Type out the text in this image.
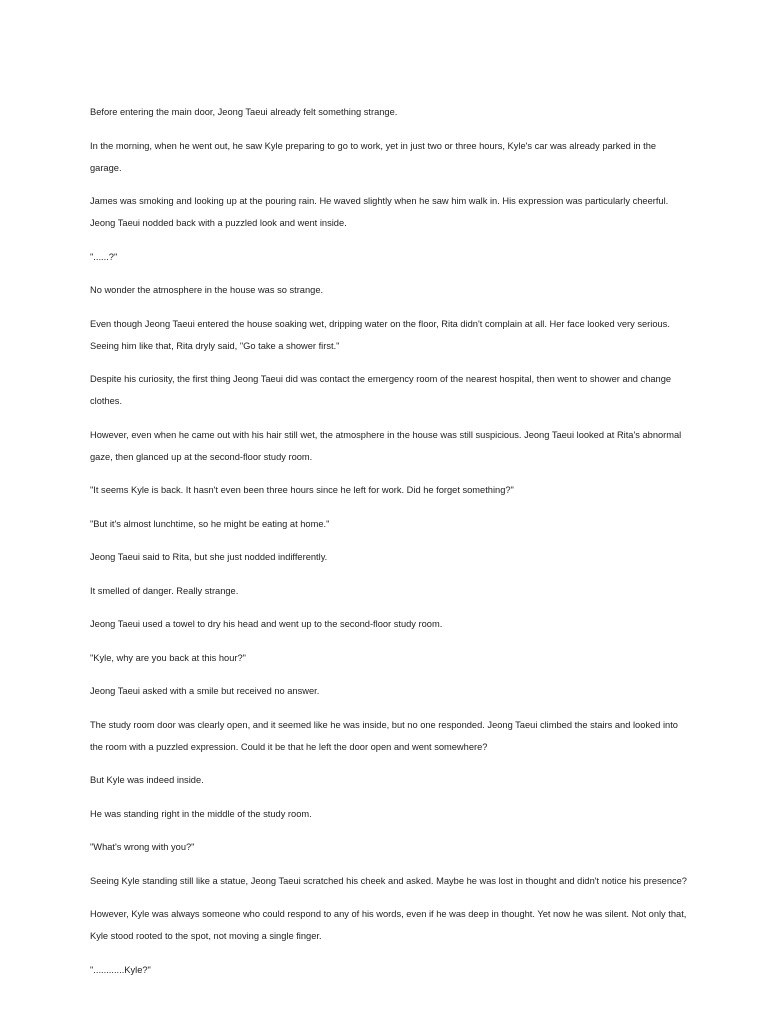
Before entering the main door, Jeong Taeui already felt something strange.

In the morning, when he went out, he saw Kyle preparing to go to work, yet in just two or three hours, Kyle's car was already parked in the garage.

James was smoking and looking up at the pouring rain. He waved slightly when he saw him walk in. His expression was particularly cheerful. Jeong Taeui nodded back with a puzzled look and went inside.

"......?"

No wonder the atmosphere in the house was so strange.

Even though Jeong Taeui entered the house soaking wet, dripping water on the floor, Rita didn't complain at all. Her face looked very serious. Seeing him like that, Rita dryly said, "Go take a shower first."

Despite his curiosity, the first thing Jeong Taeui did was contact the emergency room of the nearest hospital, then went to shower and change clothes.

However, even when he came out with his hair still wet, the atmosphere in the house was still suspicious. Jeong Taeui looked at Rita's abnormal gaze, then glanced up at the second-floor study room.

"It seems Kyle is back. It hasn't even been three hours since he left for work. Did he forget something?"

"But it's almost lunchtime, so he might be eating at home."

Jeong Taeui said to Rita, but she just nodded indifferently.

It smelled of danger. Really strange.

Jeong Taeui used a towel to dry his head and went up to the second-floor study room.

"Kyle, why are you back at this hour?"

Jeong Taeui asked with a smile but received no answer.

The study room door was clearly open, and it seemed like he was inside, but no one responded. Jeong Taeui climbed the stairs and looked into the room with a puzzled expression. Could it be that he left the door open and went somewhere?

But Kyle was indeed inside.

He was standing right in the middle of the study room.

"What's wrong with you?"

Seeing Kyle standing still like a statue, Jeong Taeui scratched his cheek and asked. Maybe he was lost in thought and didn't notice his presence?

However, Kyle was always someone who could respond to any of his words, even if he was deep in thought. Yet now he was silent. Not only that, Kyle stood rooted to the spot, not moving a single finger.

"............Kyle?"
